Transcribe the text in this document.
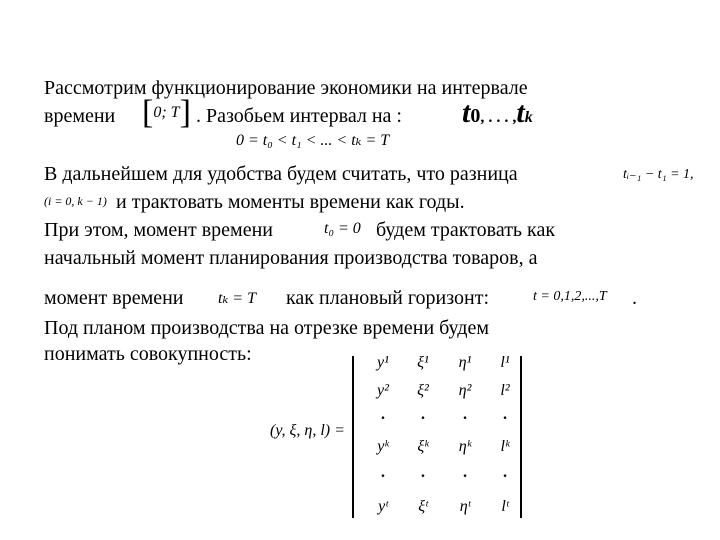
Рассмотрим функционирование экономики на интервале
времени [0; T] . Разобьем интервал на : t0, . . . ,tk
0 = t₀ < t₁ < ... < tₖ = T
В дальнейшем для удобства будем считать, что разница	tᵢ₋₁ − t₁ = 1,
(i = 0, k − 1) и трактовать моменты времени как годы.
При этом, момент времени	t₀ = 0 будем трактовать как
начальный момент планирования производства товаров, а
момент времени tₖ = T как плановый горизонт:	t = 0,1,2,...,T .
Под планом производства на отрезке времени будем
понимать совокупность:
(y, ξ, η, l) =
y¹	ξ¹	η¹	l¹
y²	ξ²	η²	l²
.	.	.	.
yᵏ	ξᵏ	ηᵏ	lᵏ
.	.	.	.
yᵗ	ξᵗ	ηᵗ	lᵗ
